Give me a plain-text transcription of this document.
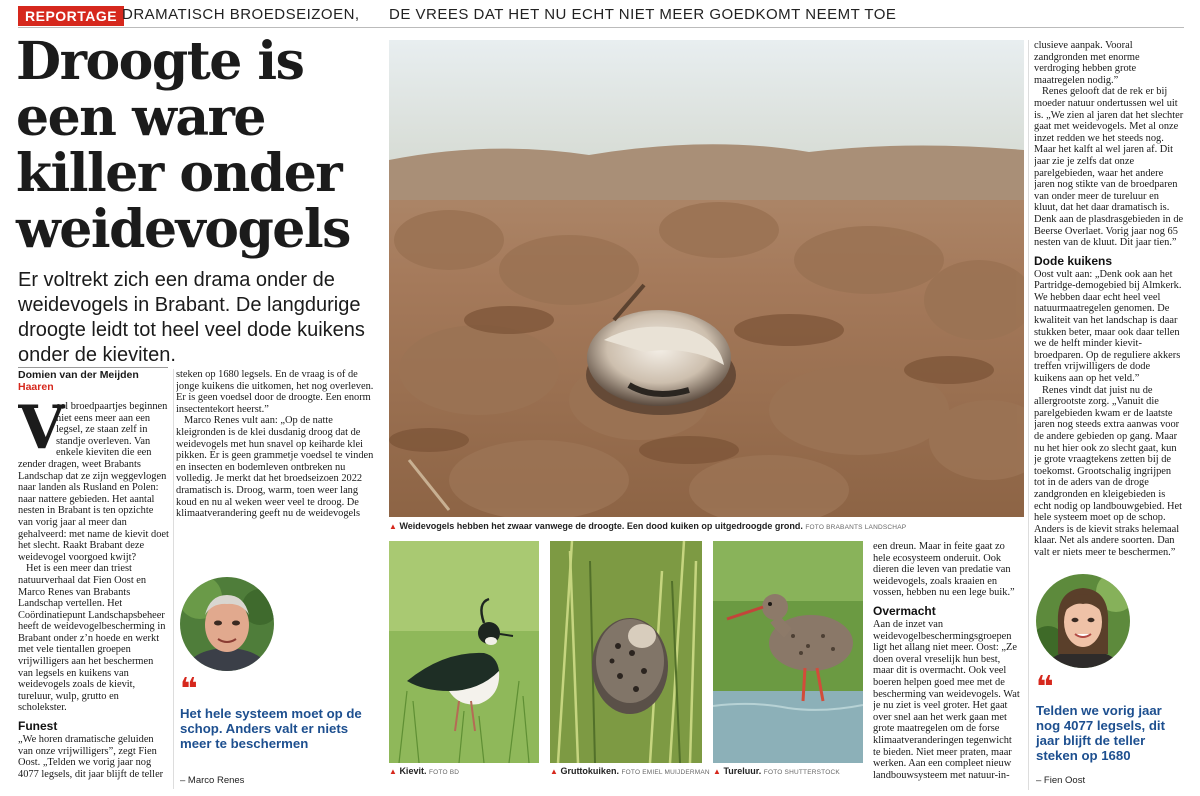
REPORTAGE DRAMATISCH BROEDSEIZOEN, DE VREES DAT HET NU ECHT NIET MEER GOEDKOMT NEEMT TOE
Droogte is
een ware
killer onder
weidevogels
Er voltrekt zich een drama onder de weidevogels in Brabant. De langdurige droogte leidt tot heel veel dode kuikens onder de kieviten.
Domien van der Meijden
Haaren
V

eel broedpaartjes beginnen niet eens meer aan een legsel, ze staan zelf in standje overleven. Van enkele kieviten die een zender dragen, weet Brabants Landschap dat ze zijn weggevlogen naar landen als Rusland en Polen: naar nattere gebieden. Het aantal nesten in Brabant is ten opzichte van vorig jaar al meer dan gehalveerd: met name de kievit doet het slecht. Raakt Brabant deze weidevogel voorgoed kwijt?

Het is een meer dan triest natuurverhaal dat Fien Oost en Marco Renes van Brabants Landschap vertellen. Het Coördinatiepunt Landschapsbeheer heeft de weidevogelbescherming in Brabant onder z’n hoede en werkt met vele tientallen groepen vrijwilligers aan het beschermen van legsels en kuikens van weidevogels zoals de kievit, tureluur, wulp, grutto en scholekster.

Funest

„We horen dramatische geluiden van onze vrijwilligers”, zegt Fien Oost. „Telden we vorig jaar nog 4077 legsels, dit jaar blijft de teller

steken op 1680 legsels. En de vraag is of de jonge kuikens die uitkomen, het nog overleven. Er is geen voedsel door de droogte. Een enorm insectentekort heerst.”

Marco Renes vult aan: „Op de natte kleigronden is de klei dusdanig droog dat de weidevogels met hun snavel op keiharde klei pikken. Er is geen grammetje voedsel te vinden en insecten en bodemleven ontbreken nu volledig. Je merkt dat het broedseizoen 2022 dramatisch is. Droog, warm, toen weer lang koud en nu al weken weer veel te droog. De klimaatverandering geeft nu de weidevogels

❝
Het hele systeem moet op de schop. Anders valt er niets meer te beschermen
– Marco Renes
▲ Weidevogels hebben het zwaar vanwege de droogte. Een dood kuiken op uitgedroogde grond. FOTO BRABANTS LANDSCHAP
▲ Kievit. FOTO BD	▲ Gruttokuiken. FOTO EMIEL MUIJDERMAN ▲ Tureluur. FOTO SHUTTERSTOCK

een dreun. Maar in feite gaat zo hele ecosysteem onderuit. Ook dieren die leven van predatie van weidevogels, zoals kraaien en vossen, hebben nu een lege buik.”

Overmacht

Aan de inzet van weidevogelbeschermingsgroepen ligt het allang niet meer. Oost: „Ze doen overal vreselijk hun best, maar dit is overmacht. Ook veel boeren helpen goed mee met de bescherming van weidevogels. Wat je nu ziet is veel groter. Het gaat over snel aan het werk gaan met grote maatregelen om de forse klimaatveranderingen tegenwicht te bieden. Niet meer praten, maar werken. Aan een compleet nieuw landbouwsysteem met natuur-in-

clusieve aanpak. Vooral zandgronden met enorme verdroging hebben grote maatregelen nodig.”

Renes gelooft dat de rek er bij moeder natuur ondertussen wel uit is. „We zien al jaren dat het slechter gaat met weidevogels. Met al onze inzet redden we het steeds nog. Maar het kalft al wel jaren af. Dit jaar zie je zelfs dat onze parelgebieden, waar het andere jaren nog stikte van de broedparen van onder meer de tureluur en kluut, dat het daar dramatisch is. Denk aan de plasdrasgebieden in de Beerse Overlaet. Vorig jaar nog 65 nesten van de kluut. Dit jaar tien.”

Dode kuikens

Oost vult aan: „Denk ook aan het Partridge-demogebied bij Almkerk. We hebben daar echt heel veel natuurmaatregelen genomen. De kwaliteit van het landschap is daar stukken beter, maar ook daar tellen we de helft minder kievit-broedparen. Op de reguliere akkers treffen vrijwilligers de dode kuikens aan op het veld.”

Renes vindt dat juist nu de allergrootste zorg. „Vanuit die parelgebieden kwam er de laatste jaren nog steeds extra aanwas voor de andere gebieden op gang. Maar nu het hier ook zo slecht gaat, kun je grote vraagtekens zetten bij de toekomst. Grootschalig ingrijpen tot in de aders van de droge zandgronden en kleigebieden is echt nodig op landbouwgebied. Het hele systeem moet op de schop. Anders is de kievit straks helemaal klaar. Net als andere soorten. Dan valt er niets meer te beschermen.”

❝
Telden we vorig jaar nog 4077 legsels, dit jaar blijft de teller steken op 1680
– Fien Oost
